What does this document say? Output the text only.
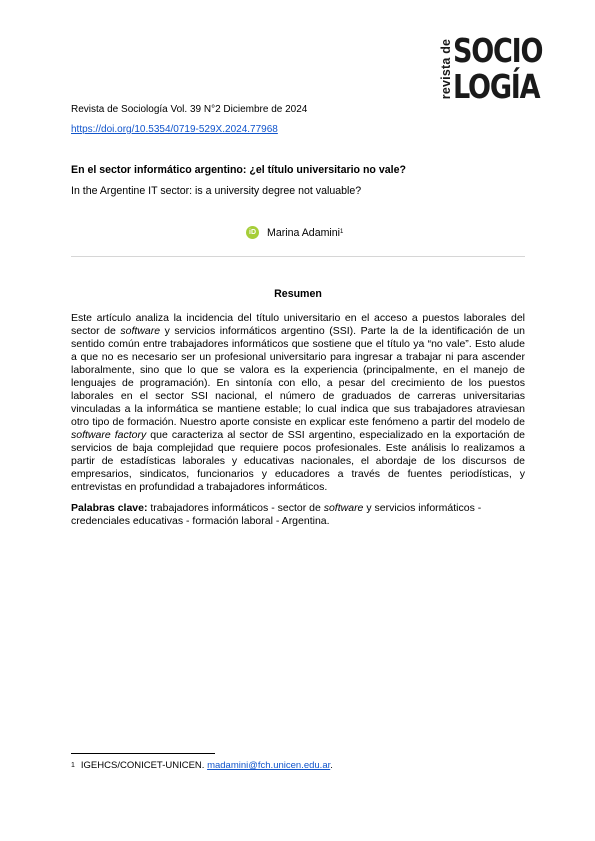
revista de SOCIO
LOGÍA
Revista de Sociología Vol. 39 N°2 Diciembre de 2024
https://doi.org/10.5354/0719-529X.2024.77968
En el sector informático argentino: ¿el título universitario no vale?
In the Argentine IT sector: is a university degree not valuable?
iD Marina Adamini$^1$
Resumen
Este artículo analiza la incidencia del título universitario en el acceso a puestos laborales del sector de software y servicios informáticos argentino (SSI). Parte la de la identificación de un sentido común entre trabajadores informáticos que sostiene que el título ya “no vale”. Esto alude a que no es necesario ser un profesional universitario para ingresar a trabajar ni para ascender laboralmente, sino que lo que se valora es la experiencia (principalmente, en el manejo de lenguajes de programación). En sintonía con ello, a pesar del crecimiento de los puestos laborales en el sector SSI nacional, el número de graduados de carreras universitarias vinculadas a la informática se mantiene estable; lo cual indica que sus trabajadores atraviesan otro tipo de formación. Nuestro aporte consiste en explicar este fenómeno a partir del modelo de software factory que caracteriza al sector de SSI argentino, especializado en la exportación de servicios de baja complejidad que requiere pocos profesionales. Este análisis lo realizamos a partir de estadísticas laborales y educativas nacionales, el abordaje de los discursos de empresarios, sindicatos, funcionarios y educadores a través de fuentes periodísticas, y entrevistas en profundidad a trabajadores informáticos.
Palabras clave: trabajadores informáticos - sector de software y servicios informáticos - credenciales educativas - formación laboral - Argentina.
$^1$ IGEHCS/CONICET-UNICEN. madamini@fch.unicen.edu.ar.
